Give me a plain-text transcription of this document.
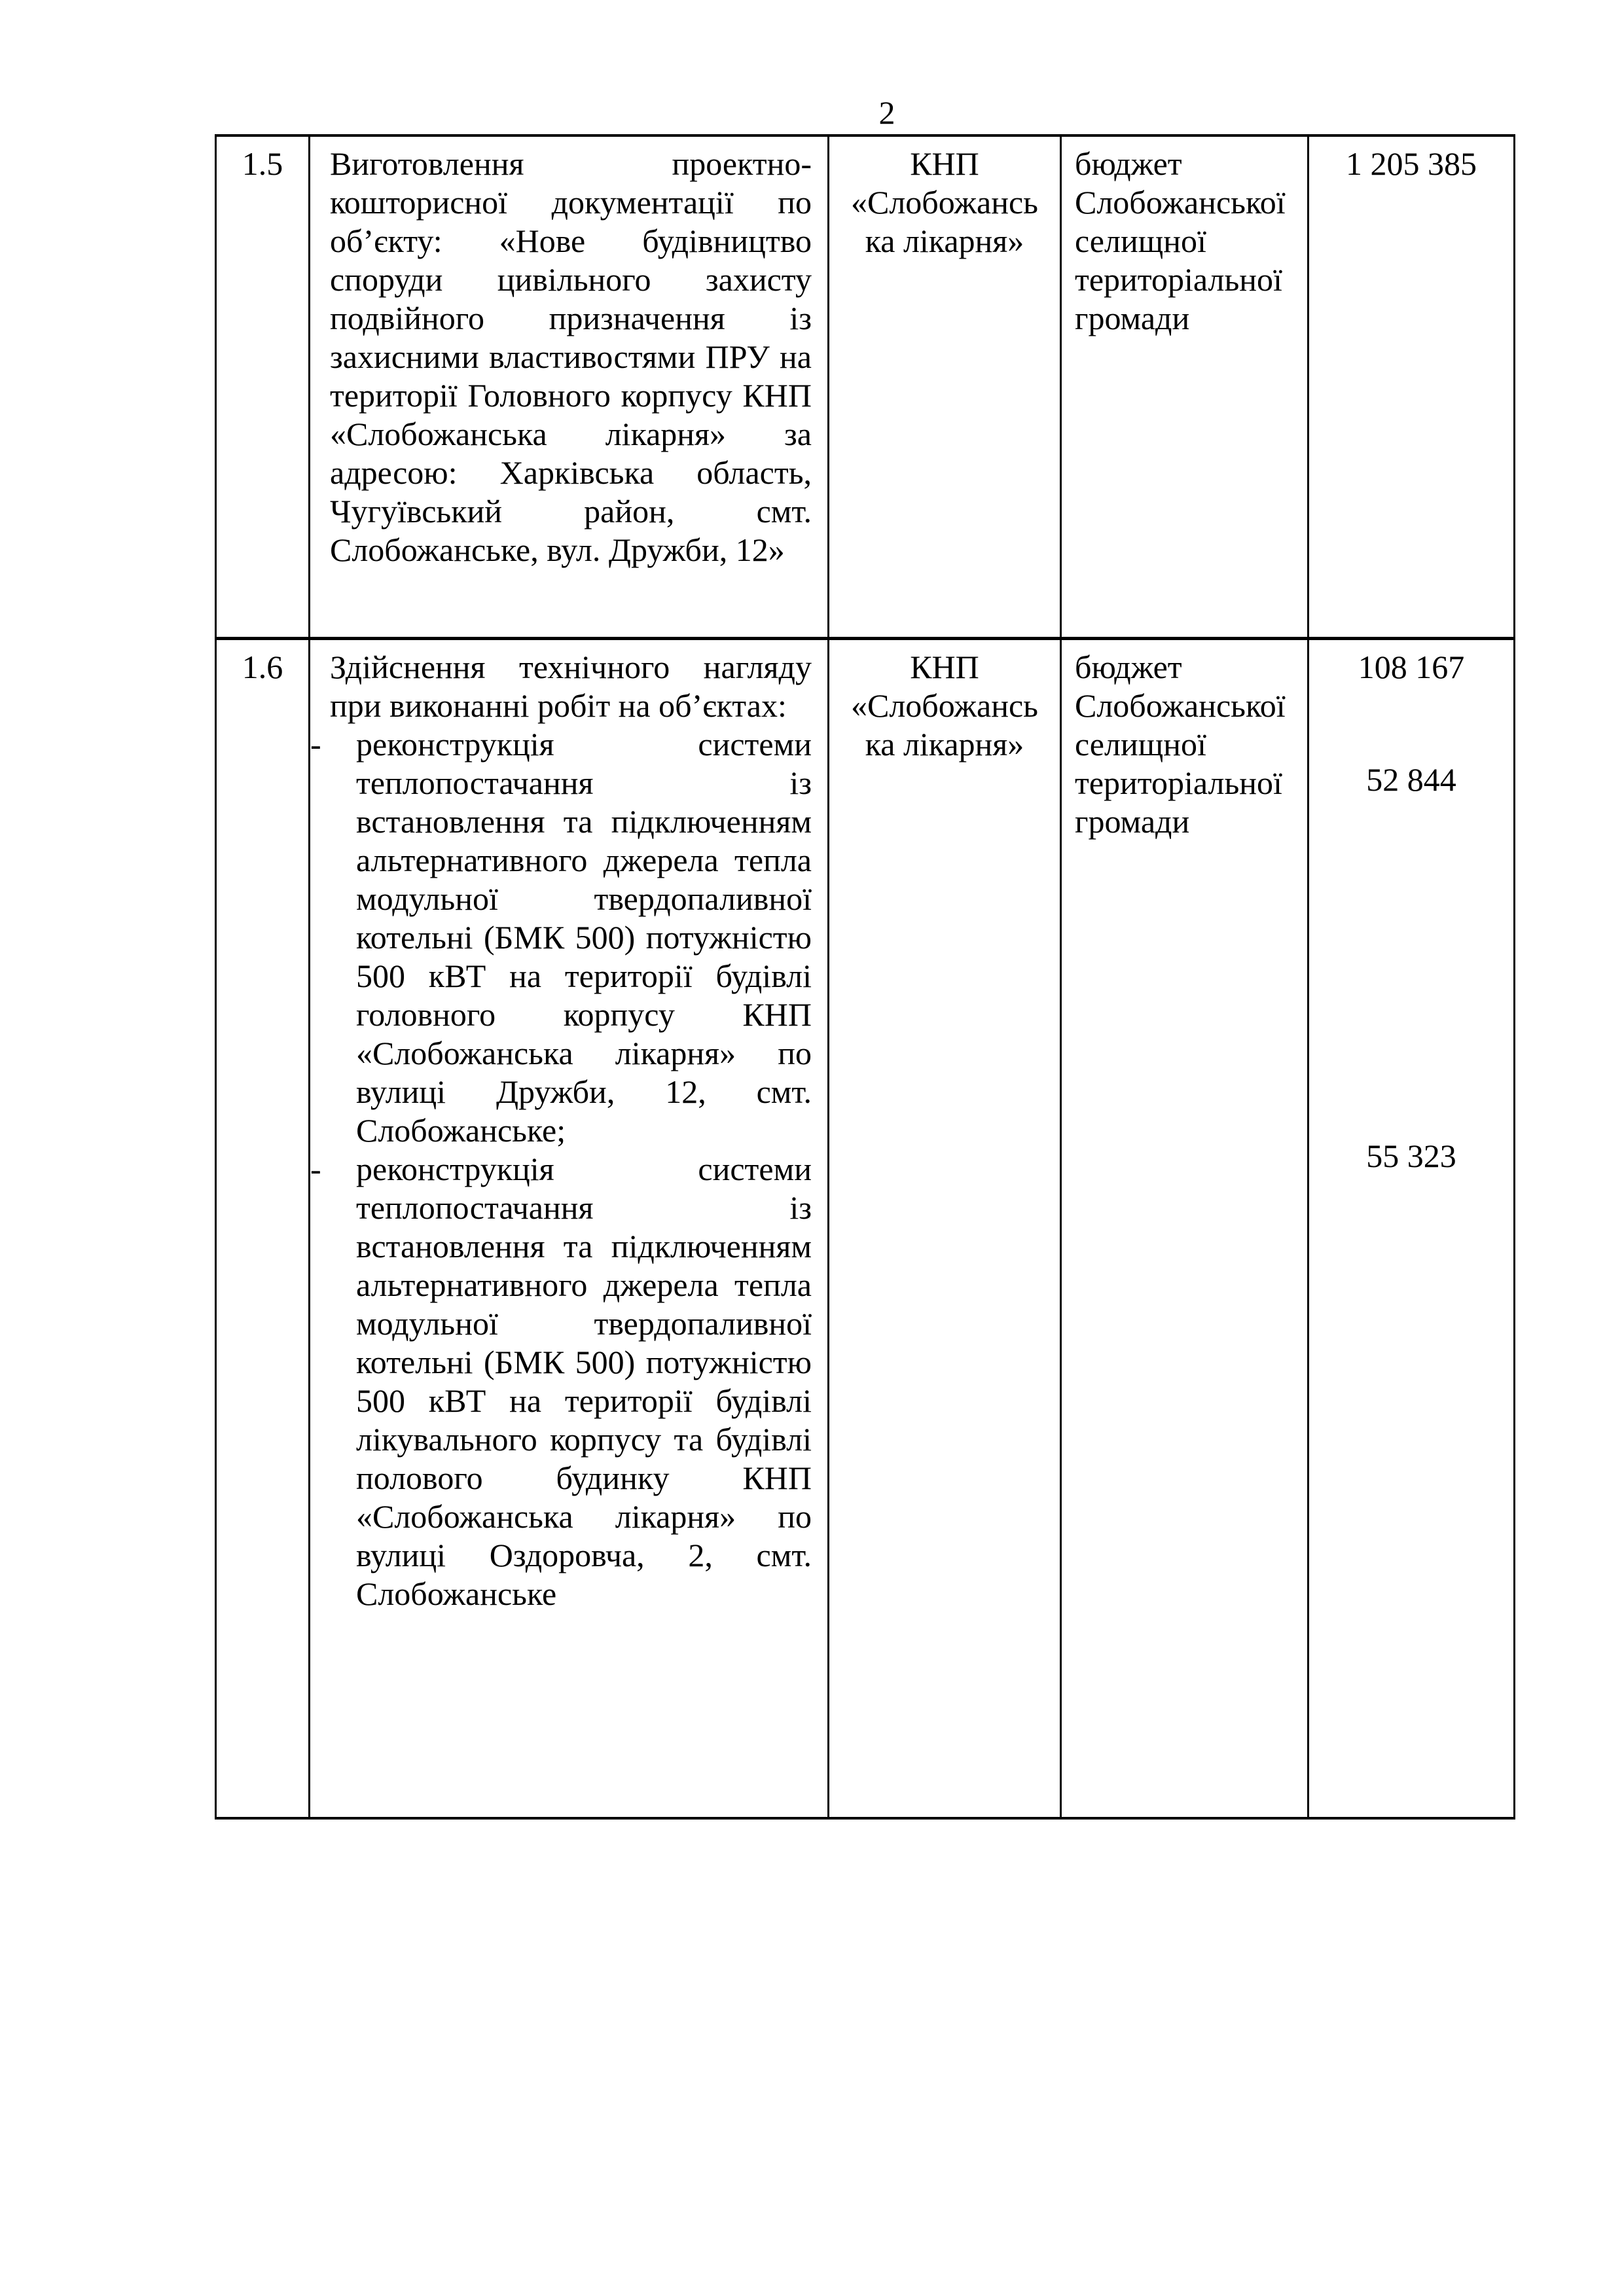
2
1.5	Виготовлення проектно-кошторисної документації по об’єкту: «Нове будівництво споруди цивільного захисту подвійного призначення із захисними властивостями ПРУ на території Головного корпусу КНП «Слобожанська лікарня» за адресою: Харківська область, Чугуївський район, смт. Слобожанське, вул. Дружби, 12»

КНП
«Слобожансь
ка лікарня»
бюджет Слобожанської селищної територіальної громади
1 205 385
1.6	Здійснення технічного нагляду при виконанні робіт на об’єктах:

- реконструкція системи теплопостачання із встановлення та підключенням альтернативного джерела тепла модульної твердопаливної котельні (БМК 500) потужністю 500 кВТ на території будівлі головного корпусу КНП «Слобожанська лікарня» по вулиці Дружби, 12, смт. Слобожанське;
- реконструкція системи теплопостачання із встановлення та підключенням альтернативного джерела тепла модульної твердопаливної котельні (БМК 500) потужністю 500 кВТ на території будівлі лікувального корпусу та будівлі полового будинку КНП «Слобожанська лікарня» по вулиці Оздоровча, 2, смт. Слобожанське
КНП
«Слобожансь
ка лікарня»
бюджет Слобожанської селищної територіальної громади
108 167
52 844
55 323
